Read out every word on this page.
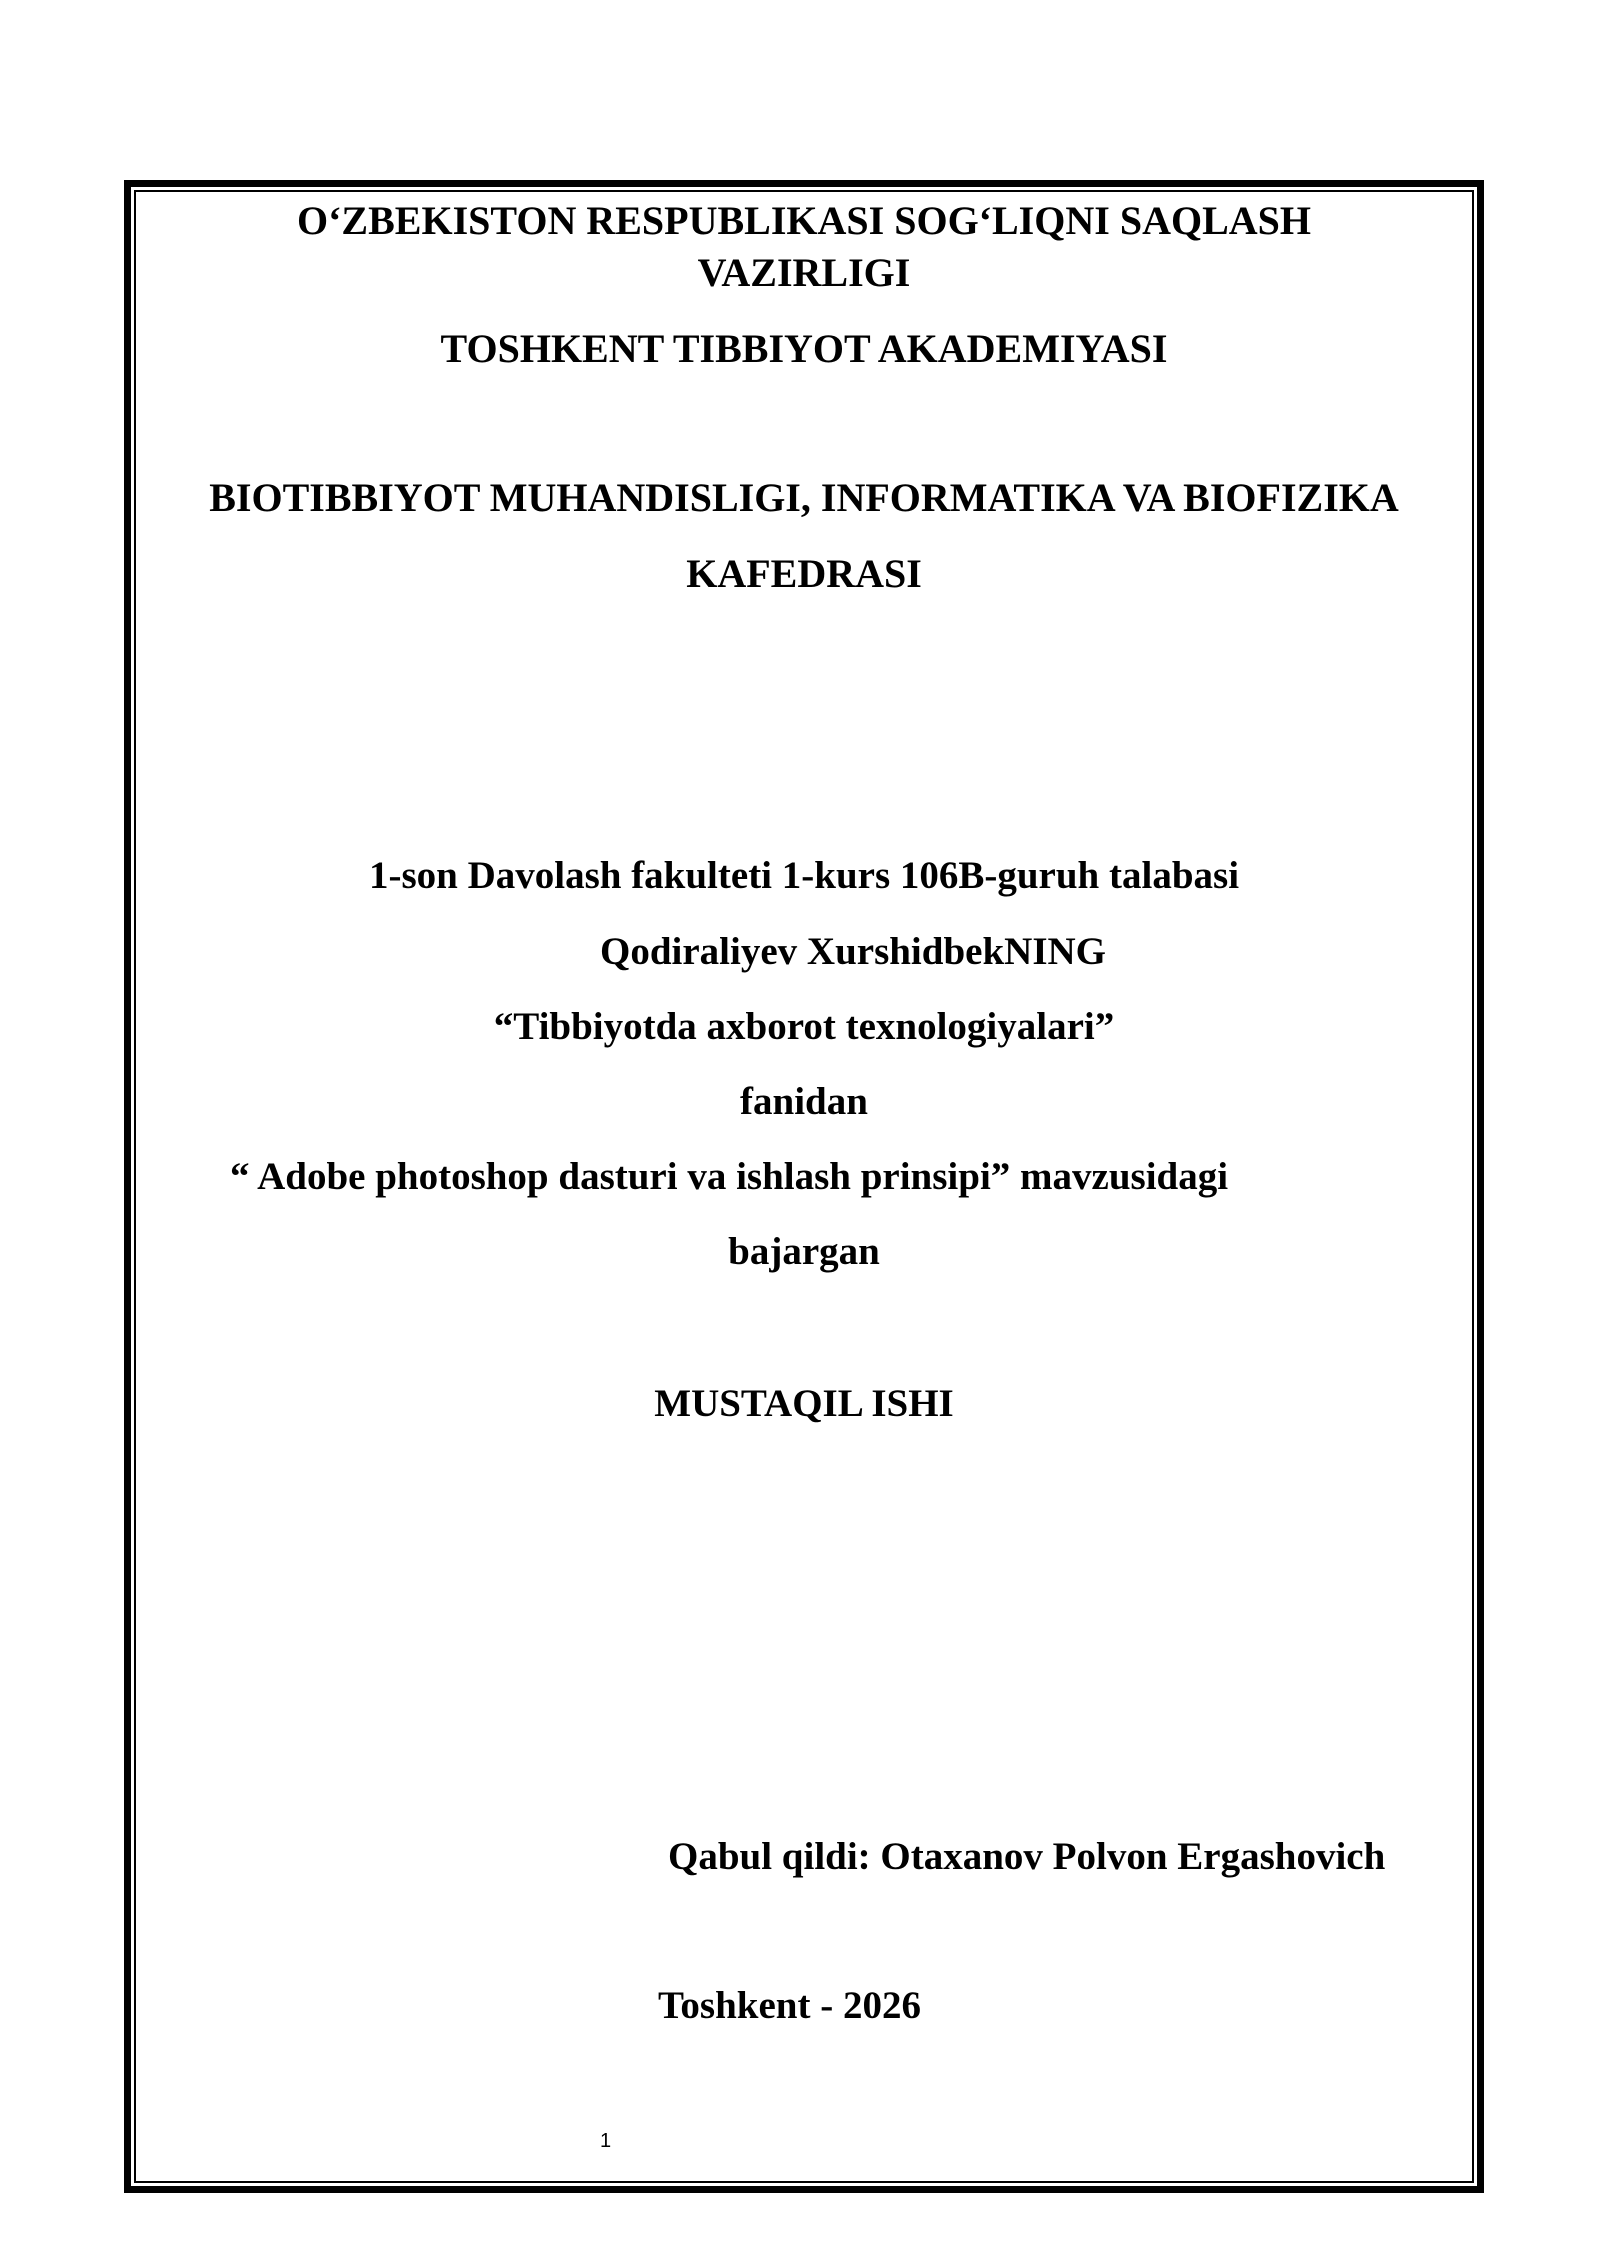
O‘ZBEKISTON RESPUBLIKASI SOG‘LIQNI SAQLASH
VAZIRLIGI
TOSHKENT TIBBIYOT AKADEMIYASI
BIOTIBBIYOT MUHANDISLIGI, INFORMATIKA VA BIOFIZIKA
KAFEDRASI
1-son Davolash fakulteti 1-kurs 106B-guruh talabasi
Qodiraliyev XurshidbekNING
“Tibbiyotda axborot texnologiyalari”
fanidan
“ Adobe photoshop dasturi va ishlash prinsipi” mavzusidagi
bajargan
MUSTAQIL ISHI
Qabul qildi: Otaxanov Polvon Ergashovich
Toshkent - 2026
1
